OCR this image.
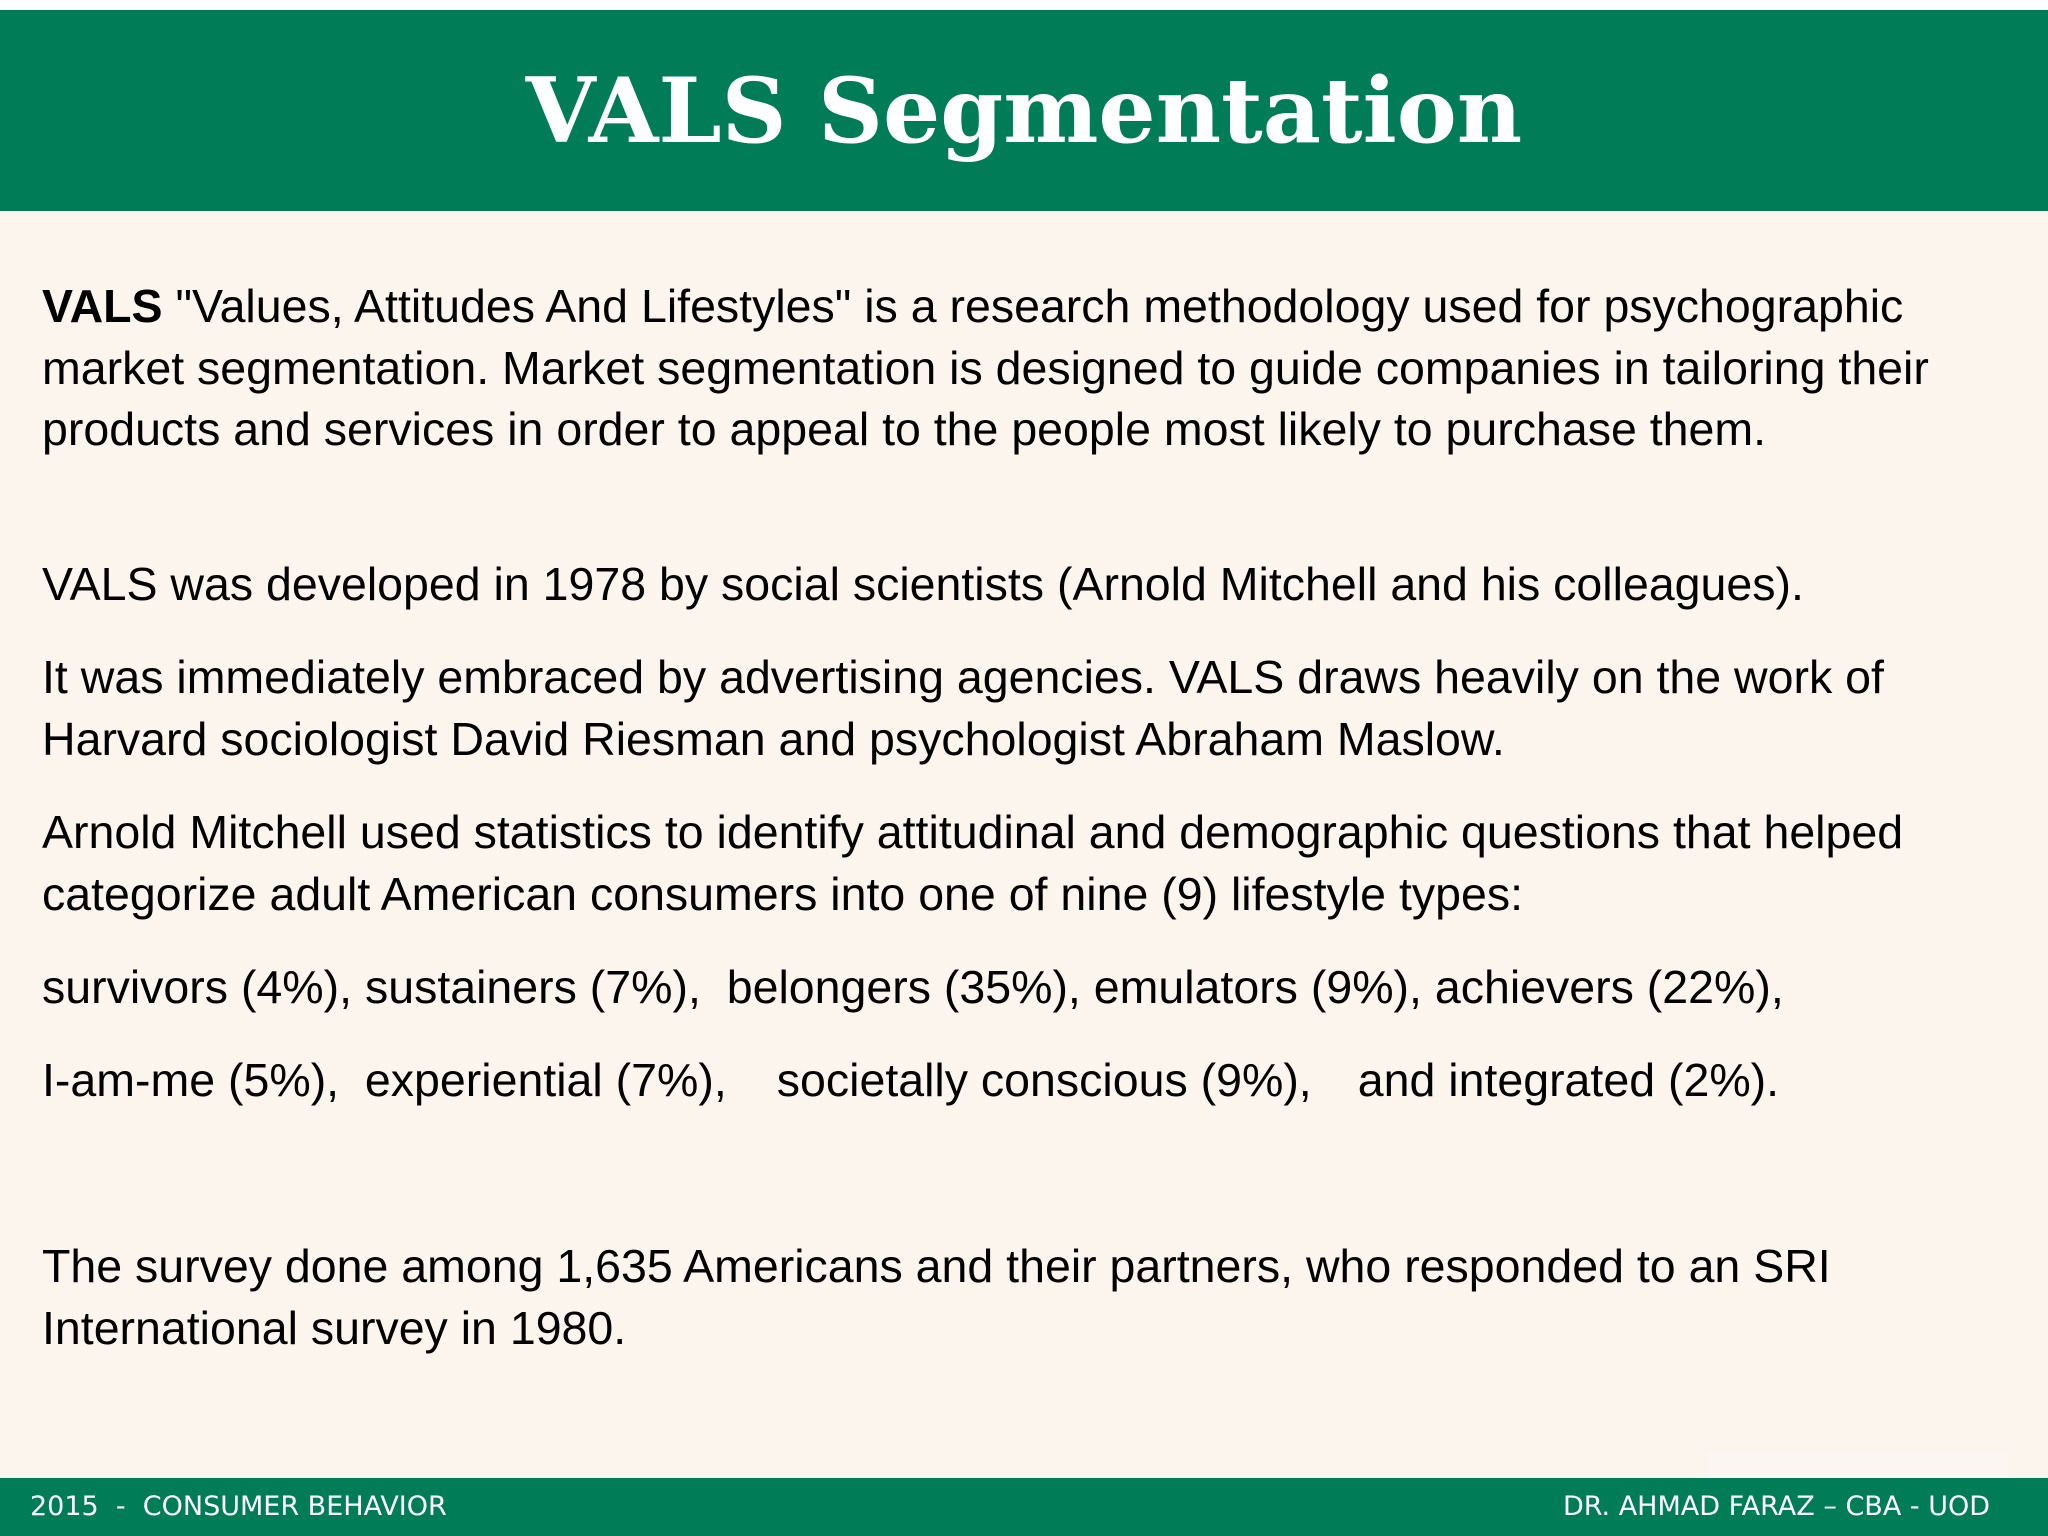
VALS Segmentation

VALS "Values, Attitudes And Lifestyles" is a research methodology used for psychographic market segmentation. Market segmentation is designed to guide companies in tailoring their products and services in order to appeal to the people most likely to purchase them.

VALS was developed in 1978 by social scientists (Arnold Mitchell and his colleagues).

It was immediately embraced by advertising agencies. VALS draws heavily on the work of Harvard sociologist David Riesman and psychologist Abraham Maslow.

Arnold Mitchell used statistics to identify attitudinal and demographic questions that helped categorize adult American consumers into one of nine (9) lifestyle types:

survivors (4%), sustainers (7%),  belongers (35%), emulators (9%), achievers (22%),

I-am-me (5%),  experiential (7%), societally conscious (9%), and integrated (2%).

The survey done among 1,635 Americans and their partners, who responded to an SRI International survey in 1980.

2015  -  CONSUMER BEHAVIOR	DR. AHMAD FARAZ – CBA - UOD
